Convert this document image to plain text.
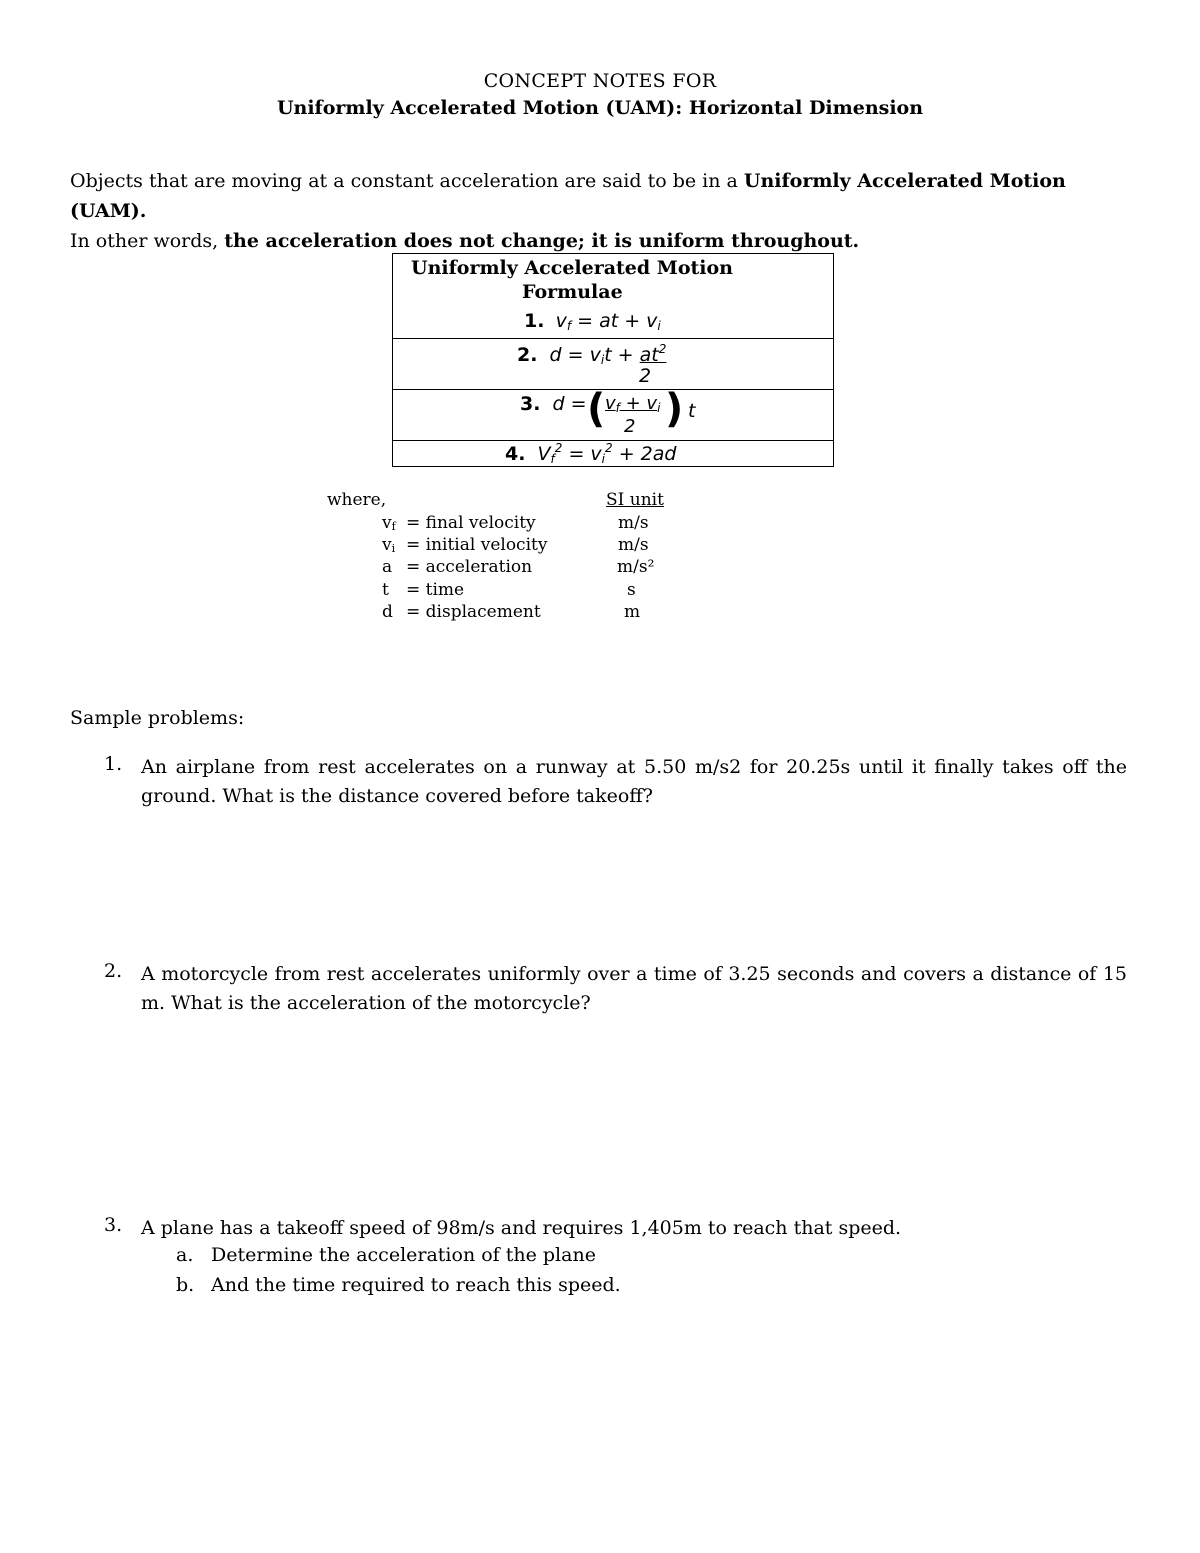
CONCEPT NOTES FOR
Uniformly Accelerated Motion (UAM): Horizontal Dimension
Objects that are moving at a constant acceleration are said to be in a Uniformly Accelerated Motion (UAM).
In other words, the acceleration does not change; it is uniform throughout.
Uniformly Accelerated Motion
Formulae
1.  $v_f$ = at + $v_i$
2.  $d = v_it + at^2$
2
3.  d = ( $v_f + v_i$
2 ) t
4.  $V_f^2 = v_i^2 + 2ad$
where,	SI unit
vf = final velocity	m/s
vi = initial velocity	m/s
a = acceleration	m/s²
t = time	s
d = displacement	m
Sample problems:
1. An airplane from rest accelerates on a runway at 5.50 m/s2 for 20.25s until it finally takes off the ground. What is the distance covered before takeoff?
2. A motorcycle from rest accelerates uniformly over a time of 3.25 seconds and covers a distance of 15 m. What is the acceleration of the motorcycle?
3. A plane has a takeoff speed of 98m/s and requires 1,405m to reach that speed.
a. Determine the acceleration of the plane
b. And the time required to reach this speed.
